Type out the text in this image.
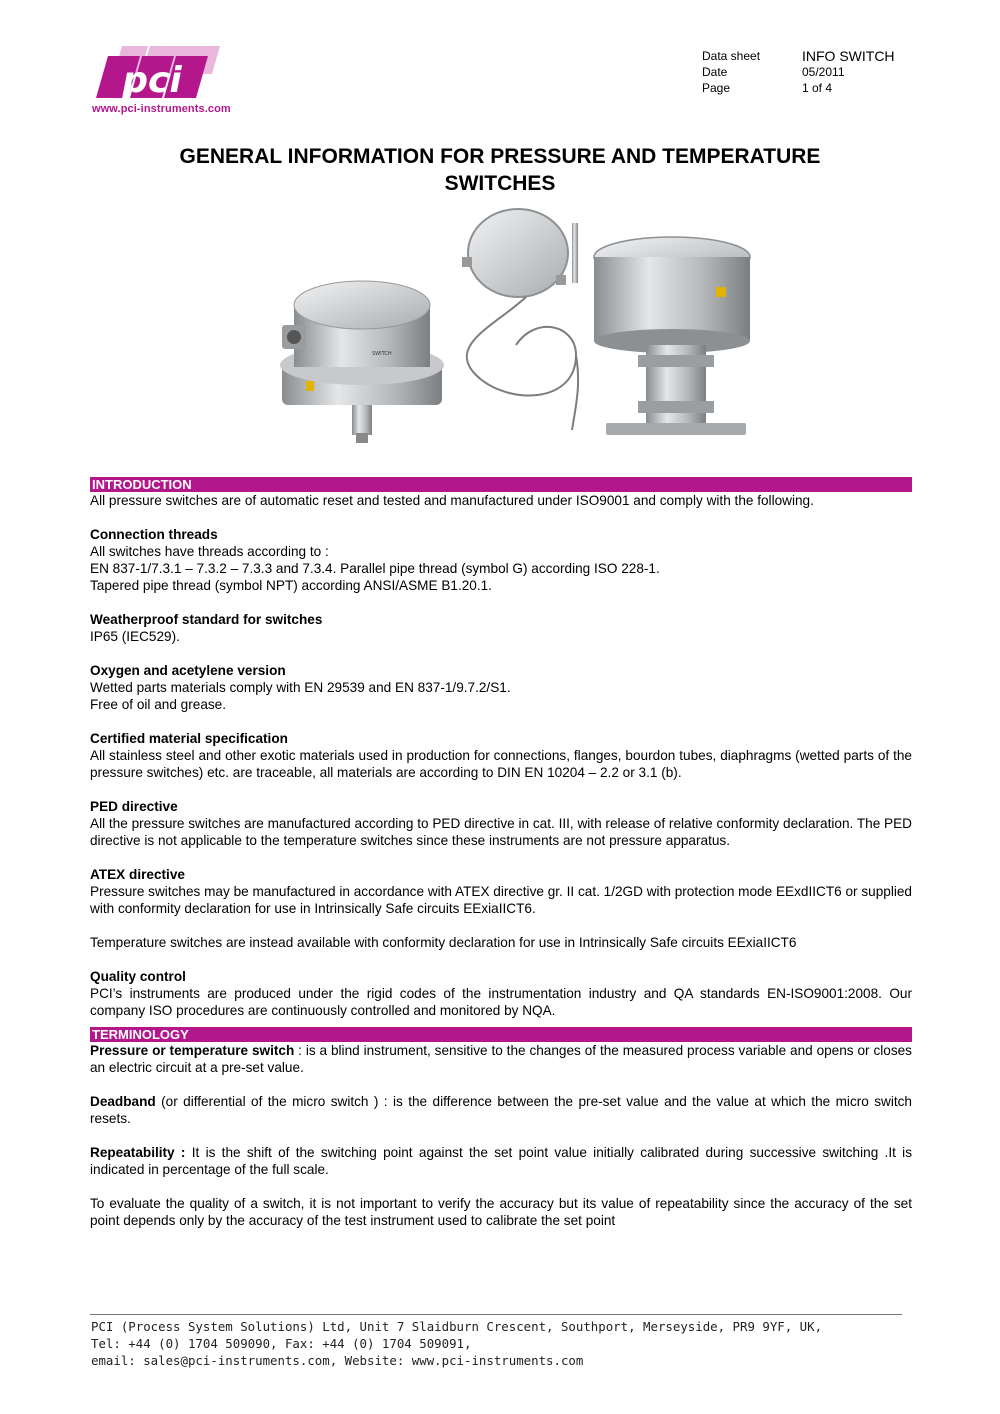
pci
www.pci-instruments.com
Data sheet	INFO SWITCH
Date	05/2011
Page	1 of 4
GENERAL INFORMATION FOR PRESSURE AND TEMPERATURE
SWITCHES
SWITCH
INTRODUCTION

All pressure switches are of automatic reset and tested and manufactured under ISO9001 and comply with the following.

Connection threads

All switches have threads according to :

EN 837-1/7.3.1 – 7.3.2 – 7.3.3 and 7.3.4. Parallel pipe thread (symbol G) according ISO 228-1.

Tapered pipe thread (symbol NPT) according ANSI/ASME B1.20.1.

Weatherproof standard for switches

IP65 (IEC529).

Oxygen and acetylene version

Wetted parts materials comply with EN 29539 and EN 837-1/9.7.2/S1.

Free of oil and grease.

Certified material specification

All stainless steel and other exotic materials used in production for connections, flanges, bourdon tubes, diaphragms (wetted parts of the pressure switches) etc. are traceable, all materials are according to DIN EN 10204 – 2.2 or 3.1 (b).

PED directive

All the pressure switches are manufactured according to PED directive in cat. III, with release of relative conformity declaration. The PED directive is not applicable to the temperature switches since these instruments are not pressure apparatus.

ATEX directive

Pressure switches may be manufactured in accordance with ATEX directive gr. II cat. 1/2GD with protection mode EExdIICT6 or supplied with conformity declaration for use in Intrinsically Safe circuits EExiaIICT6.

Temperature switches are instead available with conformity declaration for use in Intrinsically Safe circuits EExiaIICT6

Quality control

PCI’s instruments are produced under the rigid codes of the instrumentation industry and QA standards EN-ISO9001:2008. Our company ISO procedures are continuously controlled and monitored by NQA.

TERMINOLOGY

Pressure or temperature switch : is a blind instrument, sensitive to the changes of the measured process variable and opens or closes an electric circuit at a pre-set value.

Deadband (or differential of the micro switch ) : is the difference between the pre-set value and the value at which the micro switch resets.

Repeatability : It is the shift of the switching point against the set point value initially calibrated during successive switching .It is indicated in percentage of the full scale.

To evaluate the quality of a switch, it is not important to verify the accuracy but its value of repeatability since the accuracy of the set point depends only by the accuracy of the test instrument used to calibrate the set point

PCI (Process System Solutions) Ltd, Unit 7 Slaidburn Crescent, Southport, Merseyside, PR9 9YF, UK,
Tel: +44 (0) 1704 509090, Fax: +44 (0) 1704 509091,
email: sales@pci-instruments.com, Website: www.pci-instruments.com
